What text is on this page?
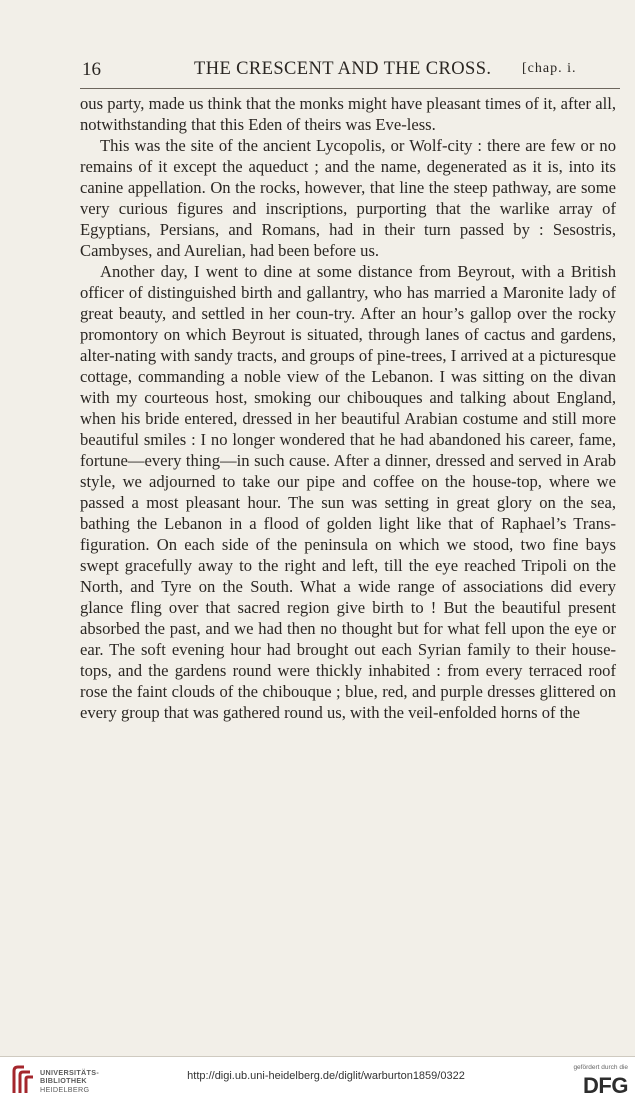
16	THE CRESCENT AND THE CROSS. [chap. i.

ous party, made us think that the monks might have pleasant times of it, after all, notwithstanding that this Eden of theirs was Eve-less.

This was the site of the ancient Lycopolis, or Wolf-city : there are few or no remains of it except the aqueduct ; and the name, degenerated as it is, into its canine appellation. On the rocks, however, that line the steep pathway, are some very curious figures and inscriptions, purporting that the warlike array of Egyptians, Persians, and Romans, had in their turn passed by : Sesostris, Cambyses, and Aurelian, had been before us.

Another day, I went to dine at some distance from Beyrout, with a British officer of distinguished birth and gallantry, who has married a Maronite lady of great beauty, and settled in her coun-try. After an hour’s gallop over the rocky promontory on which Beyrout is situated, through lanes of cactus and gardens, alter-nating with sandy tracts, and groups of pine-trees, I arrived at a picturesque cottage, commanding a noble view of the Lebanon. I was sitting on the divan with my courteous host, smoking our chibouques and talking about England, when his bride entered, dressed in her beautiful Arabian costume and still more beautiful smiles : I no longer wondered that he had abandoned his career, fame, fortune—every thing—in such cause. After a dinner, dressed and served in Arab style, we adjourned to take our pipe and coffee on the house-top, where we passed a most pleasant hour. The sun was setting in great glory on the sea, bathing the Lebanon in a flood of golden light like that of Raphael’s Trans-figuration. On each side of the peninsula on which we stood, two fine bays swept gracefully away to the right and left, till the eye reached Tripoli on the North, and Tyre on the South. What a wide range of associations did every glance fling over that sacred region give birth to ! But the beautiful present absorbed the past, and we had then no thought but for what fell upon the eye or ear. The soft evening hour had brought out each Syrian family to their house-tops, and the gardens round were thickly inhabited : from every terraced roof rose the faint clouds of the chibouque ; blue, red, and purple dresses glittered on every group that was gathered round us, with the veil-enfolded horns of the

UNIVERSITÄTS-
BIBLIOTHEK
HEIDELBERG
http://digi.ub.uni-heidelberg.de/diglit/warburton1859/0322
gefördert durch die
DFG
